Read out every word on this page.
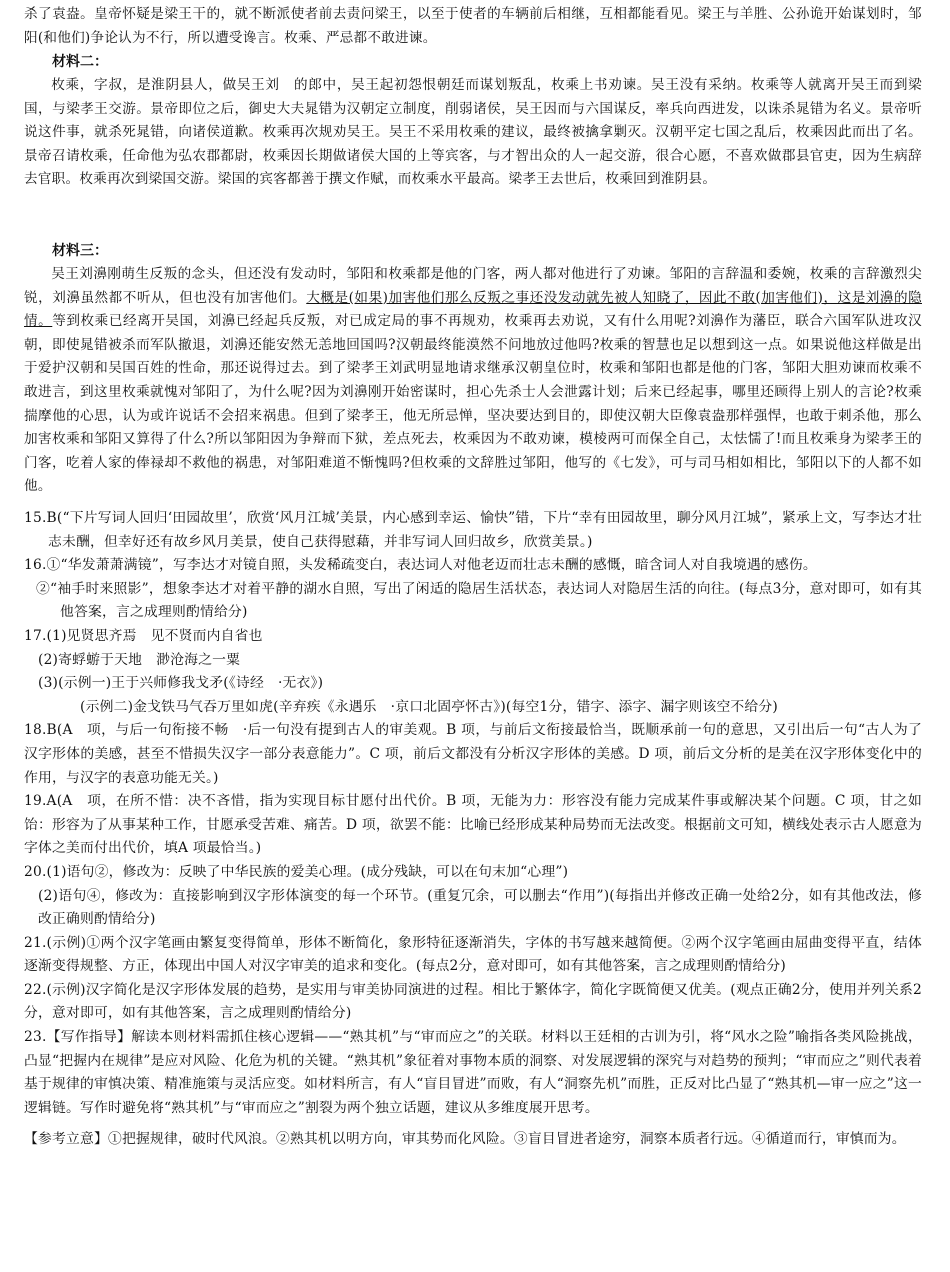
杀了袁盎。皇帝怀疑是梁王干的，就不断派使者前去责问梁王，以至于使者的车辆前后相继，互相都能看见。梁王与羊胜、公孙诡开始谋划时，邹阳(和他们)争论认为不行，所以遭受谗言。枚乘、严忌都不敢进谏。

材料二：

枚乘，字叔，是淮阴县人，做吴王刘　的郎中，吴王起初怨恨朝廷而谋划叛乱，枚乘上书劝谏。吴王没有采纳。枚乘等人就离开吴王而到梁国，与梁孝王交游。景帝即位之后，御史大夫晁错为汉朝定立制度，削弱诸侯，吴王因而与六国谋反，率兵向西进发，以诛杀晁错为名义。景帝听说这件事，就杀死晁错，向诸侯道歉。枚乘再次规劝吴王。吴王不采用枚乘的建议，最终被擒拿剿灭。汉朝平定七国之乱后，枚乘因此而出了名。景帝召请枚乘，任命他为弘农郡都尉，枚乘因长期做诸侯大国的上等宾客，与才智出众的人一起交游，很合心愿，不喜欢做郡县官吏，因为生病辞去官职。枚乘再次到梁国交游。梁国的宾客都善于撰文作赋，而枚乘水平最高。梁孝王去世后，枚乘回到淮阴县。

材料三：

吴王刘濞刚萌生反叛的念头，但还没有发动时，邹阳和枚乘都是他的门客，两人都对他进行了劝谏。邹阳的言辞温和委婉，枚乘的言辞激烈尖锐，刘濞虽然都不听从，但也没有加害他们。大概是(如果)加害他们那么反叛之事还没发动就先被人知晓了，因此不敢(加害他们)，这是刘濞的隐情。等到枚乘已经离开吴国，刘濞已经起兵反叛，对已成定局的事不再规劝，枚乘再去劝说，又有什么用呢?刘濞作为藩臣，联合六国军队进攻汉朝，即使晁错被杀而军队撤退，刘濞还能安然无恙地回国吗?汉朝最终能漠然不问地放过他吗?枚乘的智慧也足以想到这一点。如果说他这样做是出于爱护汉朝和吴国百姓的性命，那还说得过去。到了梁孝王刘武明显地请求继承汉朝皇位时，枚乘和邹阳也都是他的门客，邹阳大胆劝谏而枚乘不敢进言，到这里枚乘就愧对邹阳了，为什么呢?因为刘濞刚开始密谋时，担心先杀士人会泄露计划；后来已经起事，哪里还顾得上别人的言论?枚乘揣摩他的心思，认为或许说话不会招来祸患。但到了梁孝王，他无所忌惮，坚决要达到目的，即使汉朝大臣像袁盎那样强悍，也敢于刺杀他，那么加害枚乘和邹阳又算得了什么?所以邹阳因为争辩而下狱，差点死去，枚乘因为不敢劝谏，模棱两可而保全自己，太怯懦了!而且枚乘身为梁孝王的门客，吃着人家的俸禄却不救他的祸患，对邹阳难道不惭愧吗?但枚乘的文辞胜过邹阳，他写的《七发》，可与司马相如相比，邹阳以下的人都不如他。

15.B(“下片写词人回归‘田园故里’，欣赏‘风月江城’美景，内心感到幸运、愉快”错，下片“幸有田园故里，聊分风月江城”，紧承上文，写李达才壮志未酬，但幸好还有故乡风月美景，使自己获得慰藉，并非写词人回归故乡，欣赏美景。)

16.①“华发萧萧满镜”，写李达才对镜自照，头发稀疏变白，表达词人对他老迈而壮志未酬的感慨，暗含词人对自我境遇的感伤。

②“袖手时来照影”，想象李达才对着平静的湖水自照，写出了闲适的隐居生活状态，表达词人对隐居生活的向往。(每点3分，意对即可，如有其他答案，言之成理则酌情给分)

17.(1)见贤思齐焉　见不贤而内自省也

(2)寄蜉蝣于天地　渺沧海之一粟

(3)(示例一)王于兴师修我戈矛(《诗经　·无衣》)

(示例二)金戈铁马气吞万里如虎(辛弃疾《永遇乐　·京口北固亭怀古》)(每空1分，错字、添字、漏字则该空不给分)

18.B(A　项，与后一句衔接不畅　·后一句没有提到古人的审美观。B 项，与前后文衔接最恰当，既顺承前一句的意思，又引出后一句“古人为了汉字形体的美感，甚至不惜损失汉字一部分表意能力”。C 项，前后文都没有分析汉字形体的美感。D 项，前后文分析的是美在汉字形体变化中的作用，与汉字的表意功能无关。)

19.A(A　项，在所不惜：决不吝惜，指为实现目标甘愿付出代价。B 项，无能为力：形容没有能力完成某件事或解决某个问题。C 项，甘之如饴：形容为了从事某种工作，甘愿承受苦难、痛苦。D 项，欲罢不能：比喻已经形成某种局势而无法改变。根据前文可知，横线处表示古人愿意为字体之美而付出代价，填A 项最恰当。)

20.(1)语句②，修改为：反映了中华民族的爱美心理。(成分残缺，可以在句末加“心理”)

(2)语句④，修改为：直接影响到汉字形体演变的每一个环节。(重复冗余，可以删去“作用”)(每指出并修改正确一处给2分，如有其他改法，修改正确则酌情给分)

21.(示例)①两个汉字笔画由繁复变得简单，形体不断简化，象形特征逐渐消失，字体的书写越来越简便。②两个汉字笔画由屈曲变得平直，结体逐渐变得规整、方正，体现出中国人对汉字审美的追求和变化。(每点2分，意对即可，如有其他答案，言之成理则酌情给分)

22.(示例)汉字简化是汉字形体发展的趋势，是实用与审美协同演进的过程。相比于繁体字，简化字既简便又优美。(观点正确2分，使用并列关系2分，意对即可，如有其他答案，言之成理则酌情给分)

23.【写作指导】解读本则材料需抓住核心逻辑——“熟其机”与“审而应之”的关联。材料以王廷相的古训为引，将“风水之险”喻指各类风险挑战，凸显“把握内在规律”是应对风险、化危为机的关键。“熟其机”象征着对事物本质的洞察、对发展逻辑的深究与对趋势的预判；“审而应之”则代表着基于规律的审慎决策、精准施策与灵活应变。如材料所言，有人“盲目冒进”而败，有人“洞察先机”而胜，正反对比凸显了“熟其机—审一应之”这一逻辑链。写作时避免将“熟其机”与“审而应之”割裂为两个独立话题，建议从多维度展开思考。

【参考立意】①把握规律，破时代风浪。②熟其机以明方向，审其势而化风险。③盲目冒进者途穷，洞察本质者行远。④循道而行，审慎而为。
